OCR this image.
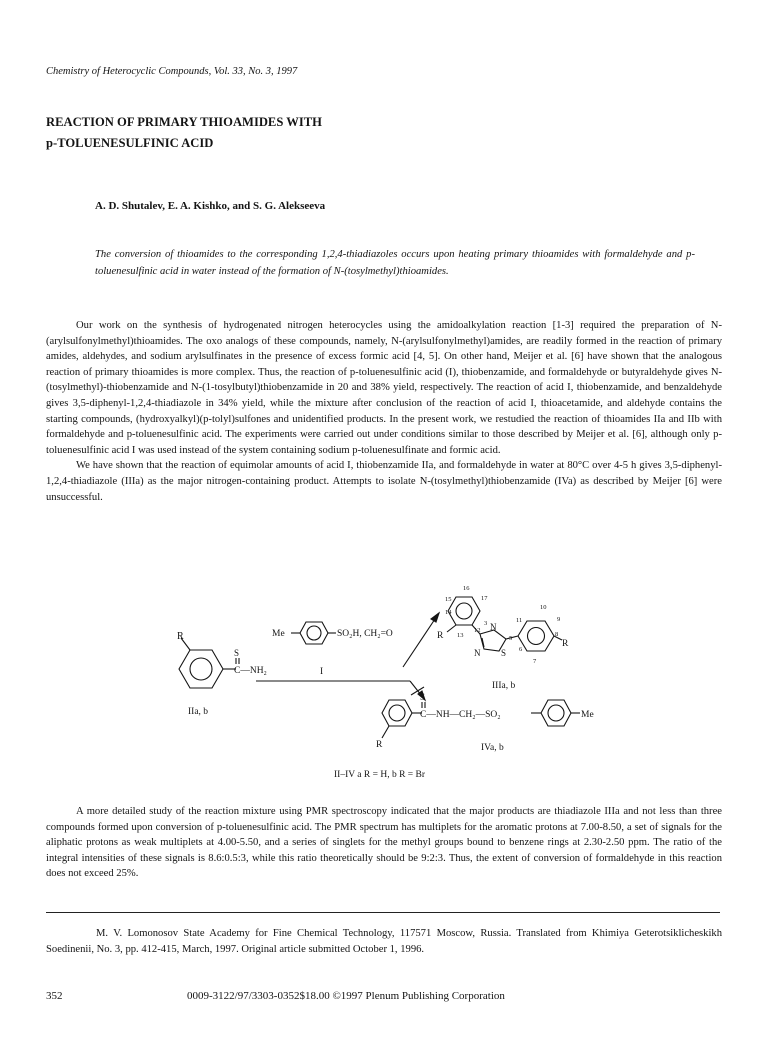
Chemistry of Heterocyclic Compounds, Vol. 33, No. 3, 1997
REACTION OF PRIMARY THIOAMIDES WITH
p-TOLUENESULFINIC ACID
A. D. Shutalev, E. A. Kishko, and S. G. Alekseeva
The conversion of thioamides to the corresponding 1,2,4-thiadiazoles occurs upon heating primary thioamides with formaldehyde and p-toluenesulfinic acid in water instead of the formation of N-(tosylmethyl)thioamides.

Our work on the synthesis of hydrogenated nitrogen heterocycles using the amidoalkylation reaction [1-3] required the preparation of N-(arylsulfonylmethyl)thioamides. The oxo analogs of these compounds, namely, N-(arylsulfonylmethyl)amides, are readily formed in the reaction of primary amides, aldehydes, and sodium arylsulfinates in the presence of excess formic acid [4, 5]. On other hand, Meijer et al. [6] have shown that the analogous reaction of primary thioamides is more complex. Thus, the reaction of p-toluenesulfinic acid (I), thiobenzamide, and formaldehyde or butyraldehyde gives N-(tosylmethyl)-thiobenzamide and N-(1-tosylbutyl)thiobenzamide in 20 and 38% yield, respectively. The reaction of acid I, thiobenzamide, and benzaldehyde gives 3,5-diphenyl-1,2,4-thiadiazole in 34% yield, while the mixture after conclusion of the reaction of acid I, thioacetamide, and aldehyde contains the starting compounds, (hydroxyalkyl)(p-tolyl)sulfones and unidentified products. In the present work, we restudied the reaction of thioamides IIa and IIb with formaldehyde and p-toluenesulfinic acid. The experiments were carried out under conditions similar to those described by Meijer et al. [6], although only p-toluenesulfinic acid I was used instead of the system containing sodium p-toluenesulfinate and formic acid.

We have shown that the reaction of equimolar amounts of acid I, thiobenzamide IIa, and formaldehyde in water at 80°C over 4-5 h gives 3,5-diphenyl-1,2,4-thiadiazole (IIIa) as the major nitrogen-containing product. Attempts to isolate N-(tosylmethyl)thiobenzamide (IVa) as described by Meijer [6] were unsuccessful.

R
S
C—NH₂
IIa, b
Me	SO₂H, CH₂=O
I
R
N
N S
R
IIIa, b
16
17
15
14
13
12
3
5
6
7
8
9
10
11
S
C—NH—CH₂—SO₂	Me
R	IVa, b
II–IV a R = H, b R = Br

A more detailed study of the reaction mixture using PMR spectroscopy indicated that the major products are thiadiazole IIIa and not less than three compounds formed upon conversion of p-toluenesulfinic acid. The PMR spectrum has multiplets for the aromatic protons at 7.00-8.50, a set of signals for the aliphatic protons as weak multiplets at 4.00-5.50, and a series of singlets for the methyl groups bound to benzene rings at 2.30-2.50 ppm. The ratio of the integral intensities of these signals is 8.6:0.5:3, while this ratio theoretically should be 9:2:3. Thus, the extent of conversion of formaldehyde in this reaction does not exceed 25%.

M. V. Lomonosov State Academy for Fine Chemical Technology, 117571 Moscow, Russia. Translated from Khimiya Geterotsiklicheskikh Soedinenii, No. 3, pp. 412-415, March, 1997. Original article submitted October 1, 1996.

352	0009-3122/97/3303-0352$18.00 ©1997 Plenum Publishing Corporation
